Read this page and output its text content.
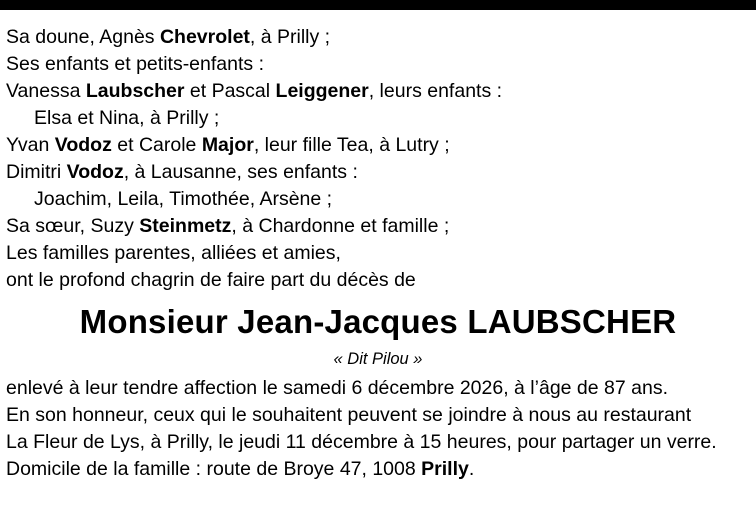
Sa doune, Agnès Chevrolet, à Prilly ;
Ses enfants et petits-enfants :
Vanessa Laubscher et Pascal Leiggener, leurs enfants :
Elsa et Nina, à Prilly ;
Yvan Vodoz et Carole Major, leur fille Tea, à Lutry ;
Dimitri Vodoz, à Lausanne, ses enfants :
Joachim, Leila, Timothée, Arsène ;
Sa sœur, Suzy Steinmetz, à Chardonne et famille ;
Les familles parentes, alliées et amies,
ont le profond chagrin de faire part du décès de
Monsieur Jean-Jacques LAUBSCHER
« Dit Pilou »
enlevé à leur tendre affection le samedi 6 décembre 2026, à l’âge de 87 ans.
En son honneur, ceux qui le souhaitent peuvent se joindre à nous au restaurant
La Fleur de Lys, à Prilly, le jeudi 11 décembre à 15 heures, pour partager un verre.
Domicile de la famille : route de Broye 47, 1008 Prilly.
